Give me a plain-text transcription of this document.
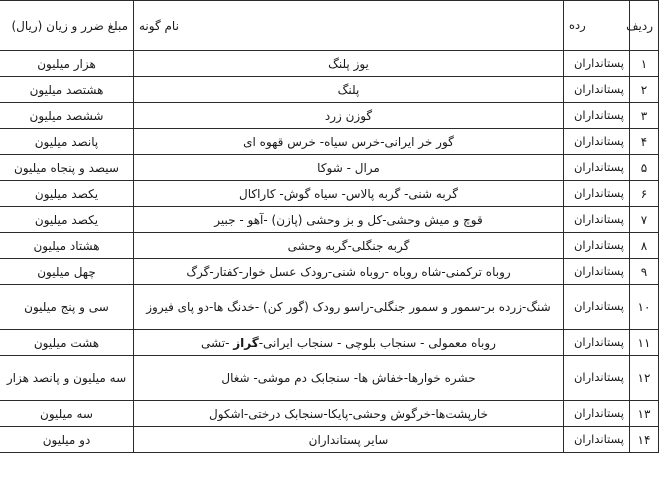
ردیف	رده	نام گونه	مبلغ ضرر و زیان (ریال)
۱	پستانداران	یوز پلنگ	هزار میلیون
۲	پستانداران	پلنگ	هشتصد میلیون
۳	پستانداران	گوزن زرد	ششصد میلیون
۴	پستانداران	گور خر ایرانی-خرس سیاه- خرس قهوه ای	پانصد میلیون
۵	پستانداران	مرال - شوکا	سیصد و پنجاه میلیون
۶	پستانداران	گربه شنی- گربه پالاس- سیاه گوش- کاراکال	یکصد میلیون
۷	پستانداران	قوچ و میش وحشی-کل و بز وحشی (پازن) -آهو - جبیر	یکصد میلیون
۸	پستانداران	گربه جنگلی-گربه وحشی	هشتاد میلیون
۹	پستانداران	روباه ترکمنی-شاه روباه -روباه شنی-رودک عسل خوار-کفتار-گرگ	چهل میلیون
۱۰	پستانداران	شنگ-زرده بر-سمور و سمور جنگلی-راسو رودک (گور کن) -خدنگ ها-دو پای فیروز	سی و پنج میلیون
۱۱	پستانداران	روباه معمولی - سنجاب بلوچی - سنجاب ایرانی-گراز -تشی	هشت میلیون
۱۲	پستانداران	حشره خوارها-خفاش ها- سنجابک دم موشی- شغال	سه میلیون و پانصد هزار
۱۳	پستانداران	خارپشت‌ها-خرگوش وحشی-پایکا-سنجابک درختی-اشکول	سه میلیون
۱۴	پستانداران	سایر پستانداران	دو میلیون
